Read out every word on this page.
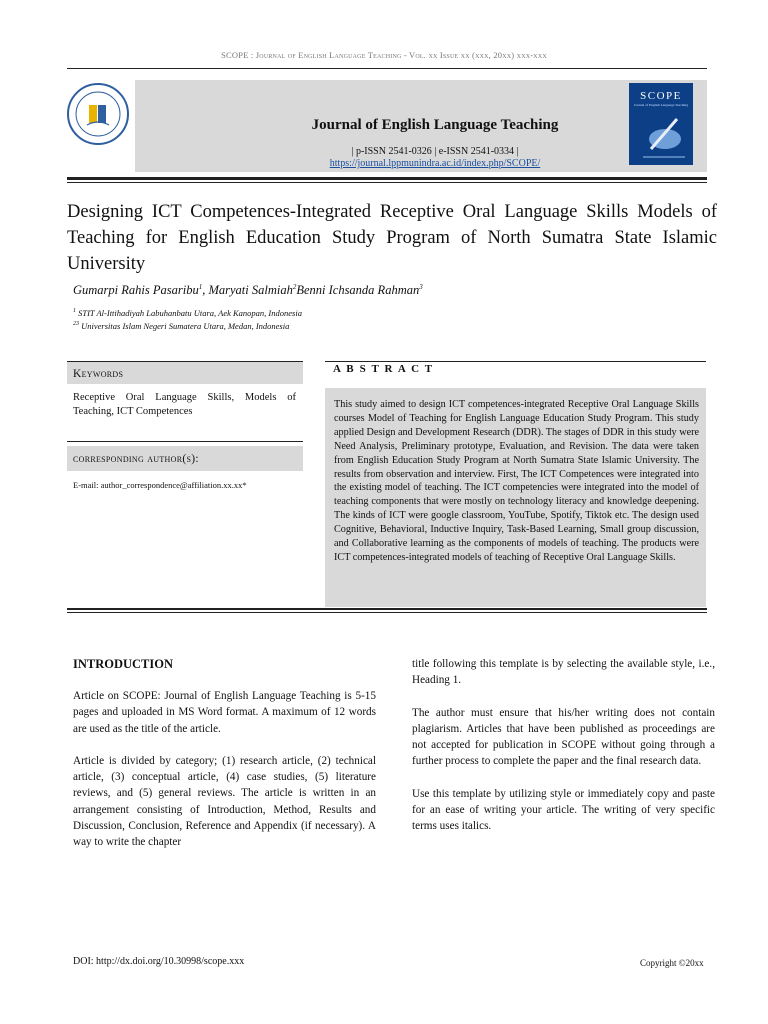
SCOPE : Journal of English Language Teaching - Vol. xx Issue xx (xxx, 20xx) xxx-xxx
Journal of English Language Teaching
| p-ISSN 2541-0326 | e-ISSN 2541-0334 |
https://journal.lppmunindra.ac.id/index.php/SCOPE/
SCOPE
Journal of English Language Teaching
Designing ICT Competences-Integrated Receptive Oral Language Skills Models of Teaching for English Education Study Program of North Sumatra State Islamic University
Gumarpi Rahis Pasaribu$^1$, Maryati Salmiah$^2$Benni Ichsanda Rahman$^3$
$^1$ STIT Al-Ittihadiyah Labuhanbatu Utara, Aek Kanopan, Indonesia
$^{23}$ Universitas Islam Negeri Sumatera Utara, Medan, Indonesia
Keywords
Receptive Oral Language Skills, Models of Teaching, ICT Competences
corresponding author(s):
E-mail: author_correspondence@affiliation.xx.xx*
A B S T R A C T
This study aimed to design ICT competences-integrated Receptive Oral Language Skills courses Model of Teaching for English Language Education Study Program. This study applied Design and Development Research (DDR). The stages of DDR in this study were Need Analysis, Preliminary prototype, Evaluation, and Revision. The data were taken from English Education Study Program at North Sumatra State Islamic University. The results from observation and interview. First, The ICT Competences were integrated into the existing model of teaching. The ICT competencies were integrated into the model of teaching components that were mostly on technology literacy and knowledge deepening. The kinds of ICT were google classroom, YouTube, Spotify, Tiktok etc. The design used Cognitive, Behavioral, Inductive Inquiry, Task-Based Learning, Small group discussion, and Collaborative learning as the components of models of teaching. The products were ICT competences-integrated models of teaching of Receptive Oral Language Skills.
INTRODUCTION

Article on SCOPE: Journal of English Language Teaching is 5-15 pages and uploaded in MS Word format. A maximum of 12 words are used as the title of the article.

Article is divided by category; (1) research article, (2) technical article, (3) conceptual article, (4) case studies, (5) literature reviews, and (5) general reviews. The article is written in an arrangement consisting of Introduction, Method, Results and Discussion, Conclusion, Reference and Appendix (if necessary). A way to write the chapter

title following this template is by selecting the available style, i.e., Heading 1.

The author must ensure that his/her writing does not contain plagiarism. Articles that have been published as proceedings are not accepted for publication in SCOPE without going through a further process to complete the paper and the final research data.

Use this template by utilizing style or immediately copy and paste for an ease of writing your article. The writing of very specific terms uses italics.

DOI: http://dx.doi.org/10.30998/scope.xxx	Copyright ©20xx
